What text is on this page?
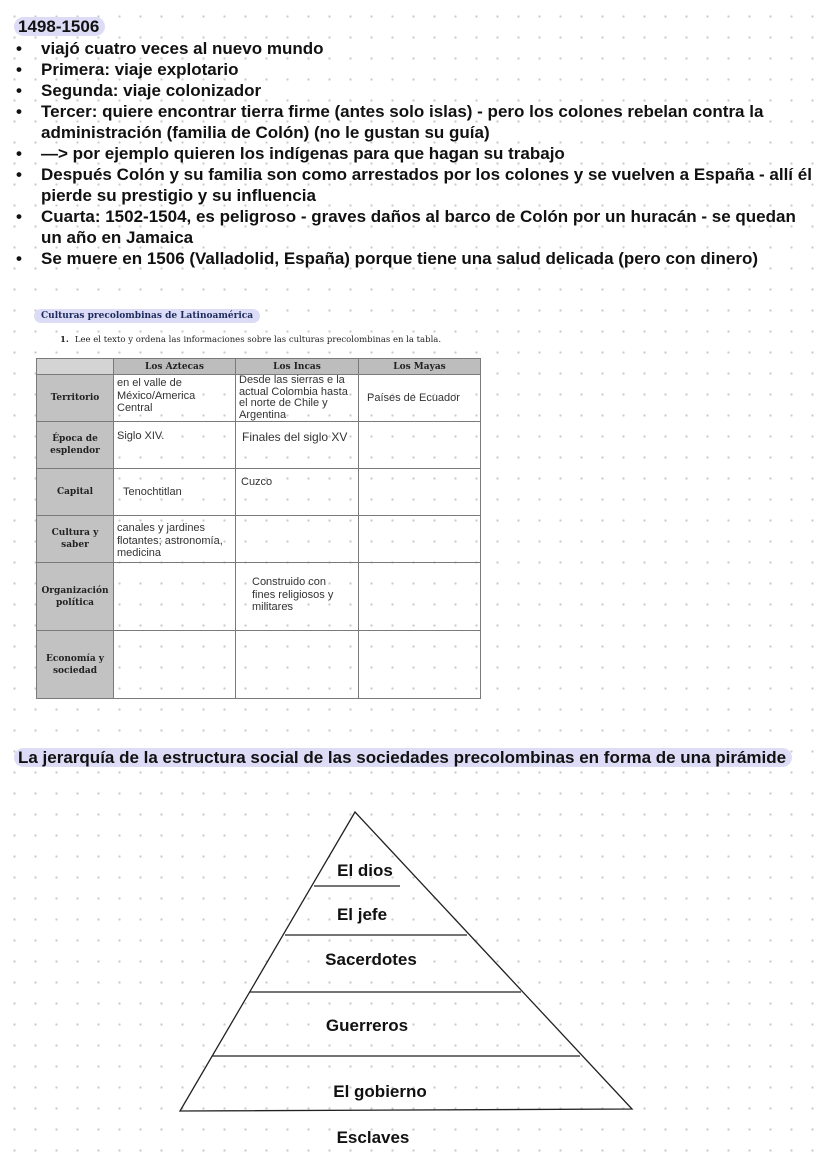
1498-1506
• viajó cuatro veces al nuevo mundo
• Primera: viaje explotario
• Segunda: viaje colonizador
• Tercer: quiere encontrar tierra firme (antes solo islas) - pero los colones rebelan contra la administración (familia de Colón) (no le gustan su guía)
• —> por ejemplo quieren los indígenas para que hagan su trabajo
• Después Colón y su familia son como arrestados por los colones y se vuelven a España - allí él pierde su prestigio y su influencia
• Cuarta: 1502-1504, es peligroso - graves daños al barco de Colón por un huracán - se quedan un año en Jamaica
• Se muere en 1506 (Valladolid, España) porque tiene una salud delicada (pero con dinero)
Culturas precolombinas de Latinoamérica
1. Lee el texto y ordena las informaciones sobre las culturas precolombinas en la tabla.
	Los Aztecas	Los Incas	Los Mayas
Territorio	en el valle de México/America Central	Desde las sierras e la actual Colombia hasta el norte de Chile y Argentina	Países de Ecuador
Época de esplendor	Siglo XIV.	Finales del siglo XV	
Capital	Tenochtitlan	Cuzco	
Cultura y saber	canales y jardines flotantes; astronomía, medicina		
Organización política		Construido con fines religiosos y militares	
Economía y sociedad			
La jerarquía de la estructura social de las sociedades precolombinas en forma de una pirámide
El dios
El jefe
Sacerdotes
Guerreros
El gobierno
Esclaves
